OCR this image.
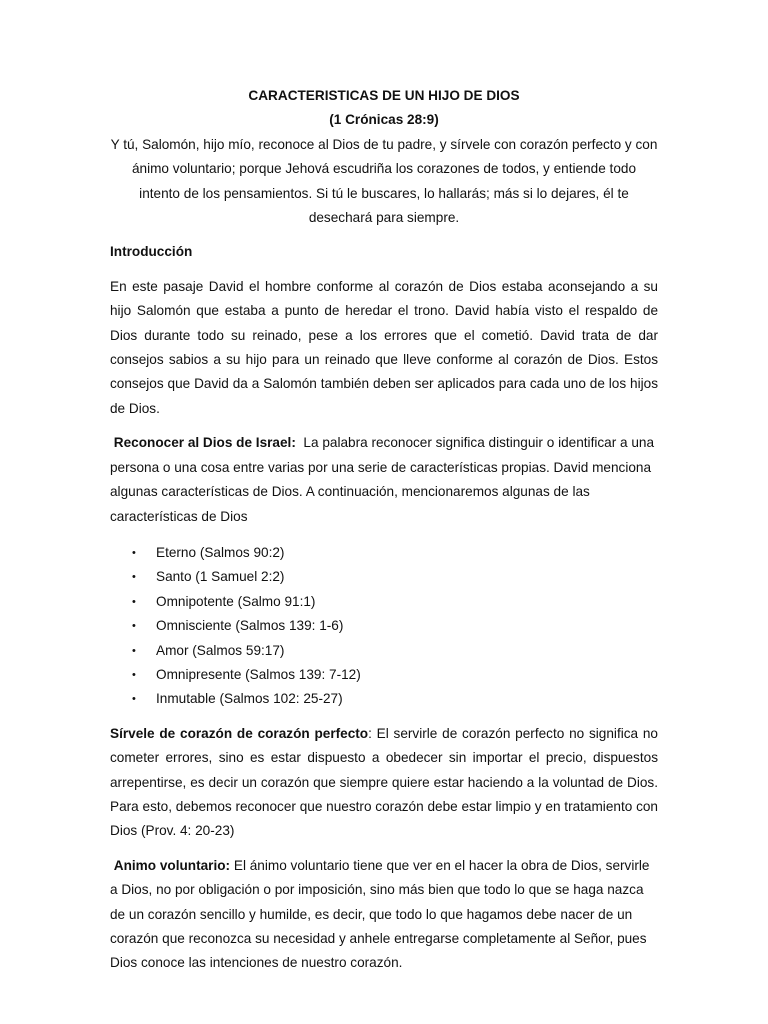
CARACTERISTICAS DE UN HIJO DE DIOS

(1 Crónicas 28:9)

Y tú, Salomón, hijo mío, reconoce al Dios de tu padre, y sírvele con corazón perfecto y con ánimo voluntario; porque Jehová escudriña los corazones de todos, y entiende todo intento de los pensamientos. Si tú le buscares, lo hallarás; más si lo dejares, él te desechará para siempre.

Introducción

En este pasaje David el hombre conforme al corazón de Dios estaba aconsejando a su hijo Salomón que estaba a punto de heredar el trono. David había visto el respaldo de Dios durante todo su reinado, pese a los errores que el cometió. David trata de dar consejos sabios a su hijo para un reinado que lleve conforme al corazón de Dios. Estos consejos que David da a Salomón también deben ser aplicados para cada uno de los hijos de Dios.

Reconocer al Dios de Israel: La palabra reconocer significa distinguir o identificar a una persona o una cosa entre varias por una serie de características propias. David menciona algunas características de Dios. A continuación, mencionaremos algunas de las características de Dios

• Eterno (Salmos 90:2)
• Santo (1 Samuel 2:2)
• Omnipotente (Salmo 91:1)
• Omnisciente (Salmos 139: 1-6)
• Amor (Salmos 59:17)
• Omnipresente (Salmos 139: 7-12)
• Inmutable (Salmos 102: 25-27)

Sírvele de corazón de corazón perfecto: El servirle de corazón perfecto no significa no cometer errores, sino es estar dispuesto a obedecer sin importar el precio, dispuestos arrepentirse, es decir un corazón que siempre quiere estar haciendo a la voluntad de Dios. Para esto, debemos reconocer que nuestro corazón debe estar limpio y en tratamiento con Dios (Prov. 4: 20-23)

Animo voluntario: El ánimo voluntario tiene que ver en el hacer la obra de Dios, servirle a Dios, no por obligación o por imposición, sino más bien que todo lo que se haga nazca de un corazón sencillo y humilde, es decir, que todo lo que hagamos debe nacer de un corazón que reconozca su necesidad y anhele entregarse completamente al Señor, pues Dios conoce las intenciones de nuestro corazón.
